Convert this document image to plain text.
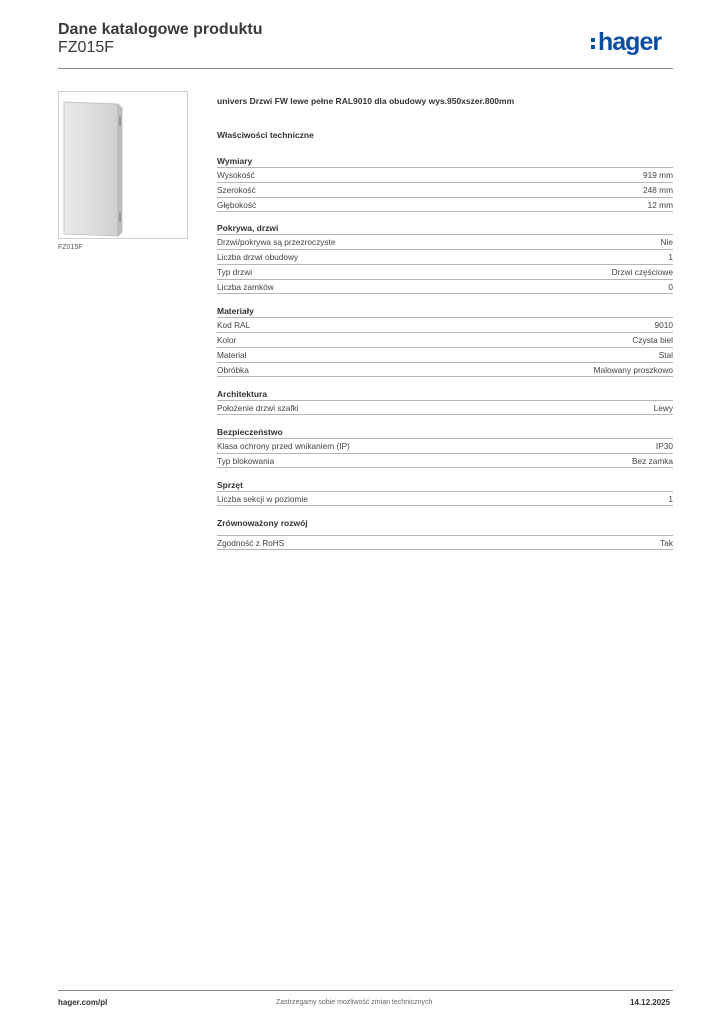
Dane katalogowe produktu
FZ015F	hager
FZ015F
univers Drzwi FW lewe pełne RAL9010 dla obudowy wys.950xszer.800mm
Właściwości techniczne
Wymiary
Wysokość	919 mm
Szerokość	248 mm
Głębokość	12 mm
Pokrywa, drzwi
Drzwi/pokrywa są przezroczyste	Nie
Liczba drzwi obudowy	1
Typ drzwi	Drzwi częściowe
Liczba zamków	0
Materiały
Kod RAL	9010
Kolor	Czysta biel
Materiał	Stal
Obróbka	Malowany proszkowo
Architektura
Położenie drzwi szafki	Lewy
Bezpieczeństwo
Klasa ochrony przed wnikaniem (IP)	IP30
Typ blokowania	Bez zamka
Sprzęt
Liczba sekcji w poziomie	1
Zrównoważony rozwój
Zgodność z RoHS	Tak
hager.com/pl	Zastrzegamy sobie możliwość zmian technicznych	14.12.2025
